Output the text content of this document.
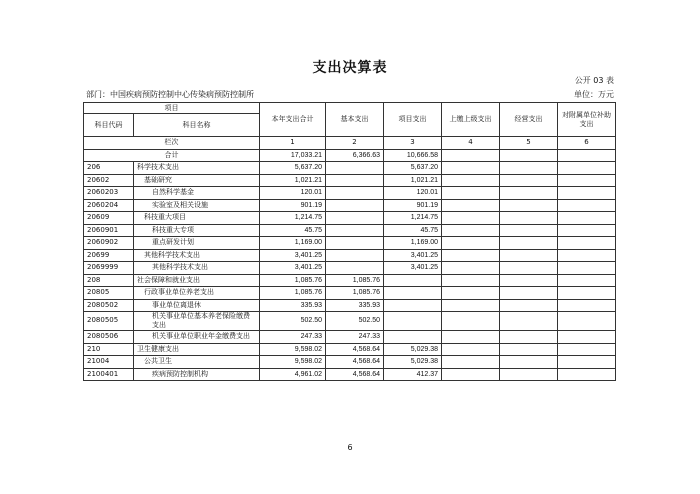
支出决算表
公开 03 表
部门：中国疾病预防控制中心传染病预防控制所	单位：万元
项目		本年支出合计	基本支出	项目支出	上缴上级支出	经营支出	对附属单位补助支出
科目代码	科目名称						
栏次		1	2	3	4	5	6
合计		17,033.21	6,366.63	10,666.58			
206	科学技术支出	5,637.20		5,637.20			
20602	基础研究	1,021.21		1,021.21			
2060203	自然科学基金	120.01		120.01			
2060204	实验室及相关设施	901.19		901.19			
20609	科技重大项目	1,214.75		1,214.75			
2060901	科技重大专项	45.75		45.75			
2060902	重点研发计划	1,169.00		1,169.00			
20699	其他科学技术支出	3,401.25		3,401.25			
2069999	其他科学技术支出	3,401.25		3,401.25			
208	社会保障和就业支出	1,085.76	1,085.76				
20805	行政事业单位养老支出	1,085.76	1,085.76				
2080502	事业单位离退休	335.93	335.93				
2080505	机关事业单位基本养老保险缴费支出	502.50	502.50				
2080506	机关事业单位职业年金缴费支出	247.33	247.33				
210	卫生健康支出	9,598.02	4,568.64	5,029.38			
21004	公共卫生	9,598.02	4,568.64	5,029.38			
2100401	疾病预防控制机构	4,961.02	4,568.64	412.37			
6
